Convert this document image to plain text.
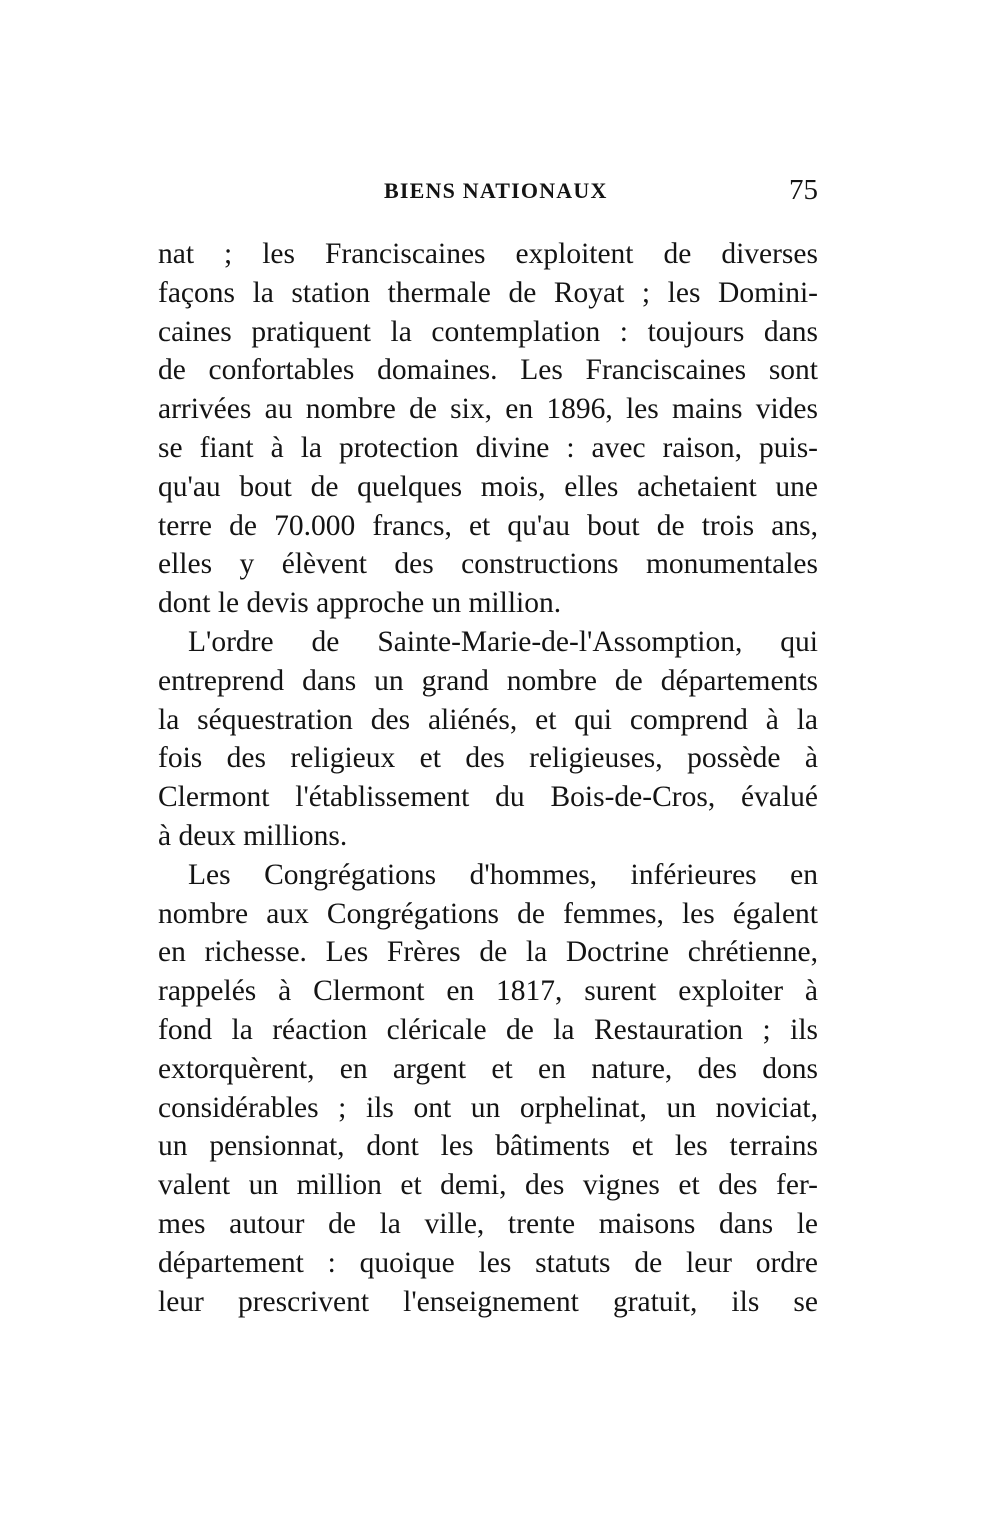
BIENS NATIONAUX	75
nat ; les Franciscaines exploitent de diverses
façons la station thermale de Royat ; les Domini-
caines pratiquent la contemplation : toujours dans
de confortables domaines. Les Franciscaines sont
arrivées au nombre de six, en 1896, les mains vides
se fiant à la protection divine : avec raison, puis-
qu'au bout de quelques mois, elles achetaient une
terre de 70.000 francs, et qu'au bout de trois ans,
elles y élèvent des constructions monumentales
dont le devis approche un million.
L'ordre de Sainte-Marie-de-l'Assomption, qui
entreprend dans un grand nombre de départements
la séquestration des aliénés, et qui comprend à la
fois des religieux et des religieuses, possède à
Clermont l'établissement du Bois-de-Cros, évalué
à deux millions.
Les Congrégations d'hommes, inférieures en
nombre aux Congrégations de femmes, les égalent
en richesse. Les Frères de la Doctrine chrétienne,
rappelés à Clermont en 1817, surent exploiter à
fond la réaction cléricale de la Restauration ; ils
extorquèrent, en argent et en nature, des dons
considérables ; ils ont un orphelinat, un noviciat,
un pensionnat, dont les bâtiments et les terrains
valent un million et demi, des vignes et des fer-
mes autour de la ville, trente maisons dans le
département : quoique les statuts de leur ordre
leur prescrivent l'enseignement gratuit, ils se
